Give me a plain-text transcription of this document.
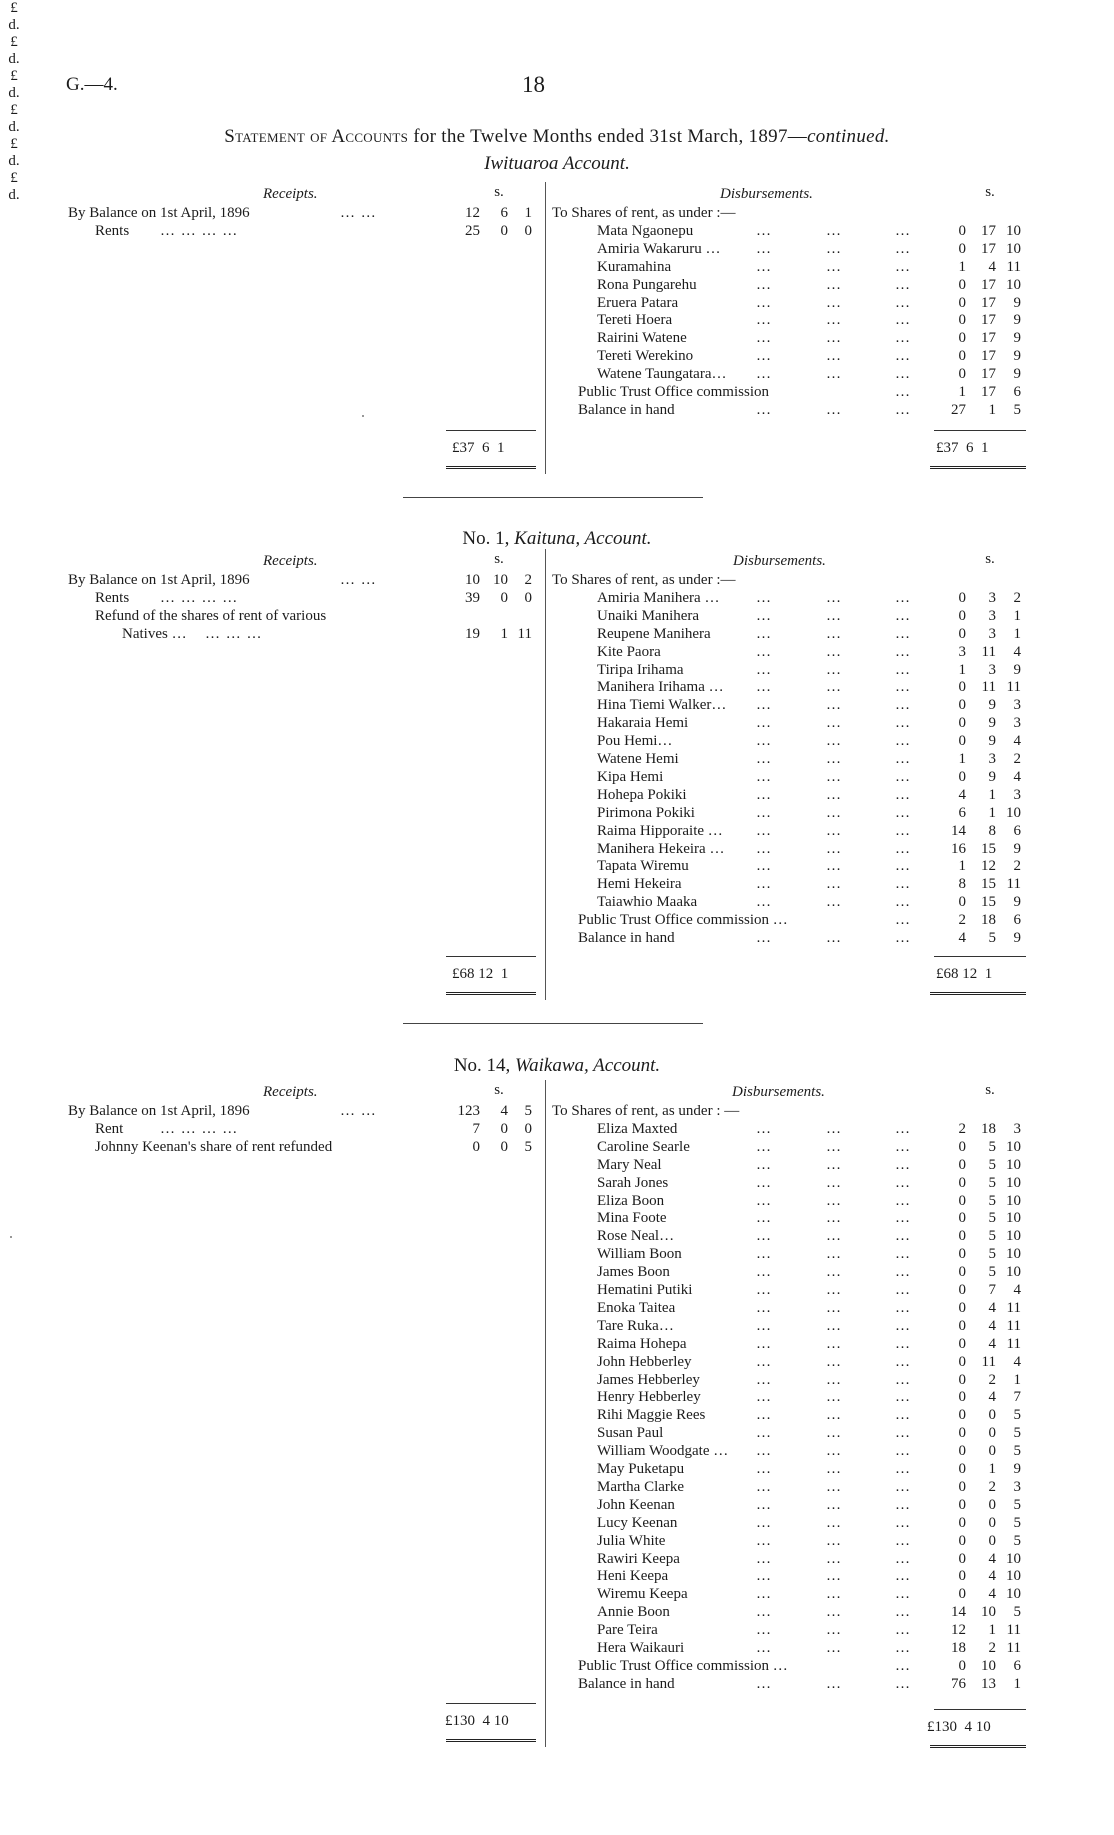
G.—4.	18
Statement of Accounts for the Twelve Months ended 31st March, 1897—continued.
Iwituaroa Account.
Receipts.	Disbursements.
£
s.
d.
£
s.
d.
By Balance on 1st April, 1896	… …	12	6	1
Rents … … … …	25	0	0
To Shares of rent, as under :—
Mata Ngaonepu	…	…	…	0	17 10
Amiria Wakaruru … …	…	…	0	17 10
Kuramahina	…	…	…	1	4 11
Rona Pungarehu	…	…	…	0	17 10
Eruera Patara	…	…	…	0	17	9
Tereti Hoera	…	…	…	0	17	9
Rairini Watene	…	…	…	0	17	9
Tereti Werekino	…	…	…	0	17	9
Watene Taungatara… …	…	…	0	17	9
Public Trust Office commission	…	1	17	6
Balance in hand	…	…	…	27	1	5
£37  6  1	£37  6  1
No. 1, Kaituna, Account.
Receipts.	Disbursements.
£
s.
d.
£
s.
d.
By Balance on 1st April, 1896	… …	10 10	2
Rents … … … …	39	0	0
Refund of the shares of rent of various
Natives … … … …	19	1 11
To Shares of rent, as under :—
Amiria Manihera … …	…	…	0	3	2
Unaiki Manihera	…	…	…	0	3	1
Reupene Manihera	…	…	…	0	3	1
Kite Paora	…	…	…	3	11	4
Tiripa Irihama	…	…	…	1	3	9
Manihera Irihama … …	…	…	0	11 11
Hina Tiemi Walker… …	…	…	0	9	3
Hakaraia Hemi	…	…	…	0	9	3
Pou Hemi…	…	…	…	0	9	4
Watene Hemi	…	…	…	1	3	2
Kipa Hemi	…	…	…	0	9	4
Hohepa Pokiki	…	…	…	4	1	3
Pirimona Pokiki	…	…	…	6	1 10
Raima Hipporaite … …	…	…	14	8	6
Manihera Hekeira … …	…	…	16	15	9
Tapata Wiremu	…	…	…	1	12	2
Hemi Hekeira	…	…	…	8	15 11
Taiawhio Maaka	…	…	…	0	15	9
Public Trust Office commission …	…	2	18	6
Balance in hand	…	…	…	4	5	9
£68 12  1	£68 12  1
No. 14, Waikawa, Account.
Receipts.	Disbursements.
£
s.
d.
£
s.
d.
By Balance on 1st April, 1896	… …	123	4	5
Rent … … … …	7	0	0
Johnny Keenan's share of rent refunded	0	0	5
To Shares of rent, as under : —
Eliza Maxted	…	…	…	2	18	3
Caroline Searle	…	…	…	0	5 10
Mary Neal	…	…	…	0	5 10
Sarah Jones	…	…	…	0	5 10
Eliza Boon	…	…	…	0	5 10
Mina Foote	…	…	…	0	5 10
Rose Neal…	…	…	…	0	5 10
William Boon	…	…	…	0	5 10
James Boon	…	…	…	0	5 10
Hematini Putiki	…	…	…	0	7	4
Enoka Taitea	…	…	…	0	4 11
Tare Ruka…	…	…	…	0	4 11
Raima Hohepa	…	…	…	0	4 11
John Hebberley	…	…	…	0	11	4
James Hebberley	…	…	…	0	2	1
Henry Hebberley	…	…	…	0	4	7
Rihi Maggie Rees	…	…	…	0	0	5
Susan Paul	…	…	…	0	0	5
William Woodgate … …	…	…	0	0	5
May Puketapu	…	…	…	0	1	9
Martha Clarke	…	…	…	0	2	3
John Keenan	…	…	…	0	0	5
Lucy Keenan	…	…	…	0	0	5
Julia White	…	…	…	0	0	5
Rawiri Keepa	…	…	…	0	4 10
Heni Keepa	…	…	…	0	4 10
Wiremu Keepa	…	…	…	0	4 10
Annie Boon	…	…	…	14	10	5
Pare Teira	…	…	…	12	1 11
Hera Waikauri	…	…	…	18	2 11
Public Trust Office commission …	…	0	10	6
Balance in hand	…	…	…	76	13	1
£130  4 10	£130  4 10
